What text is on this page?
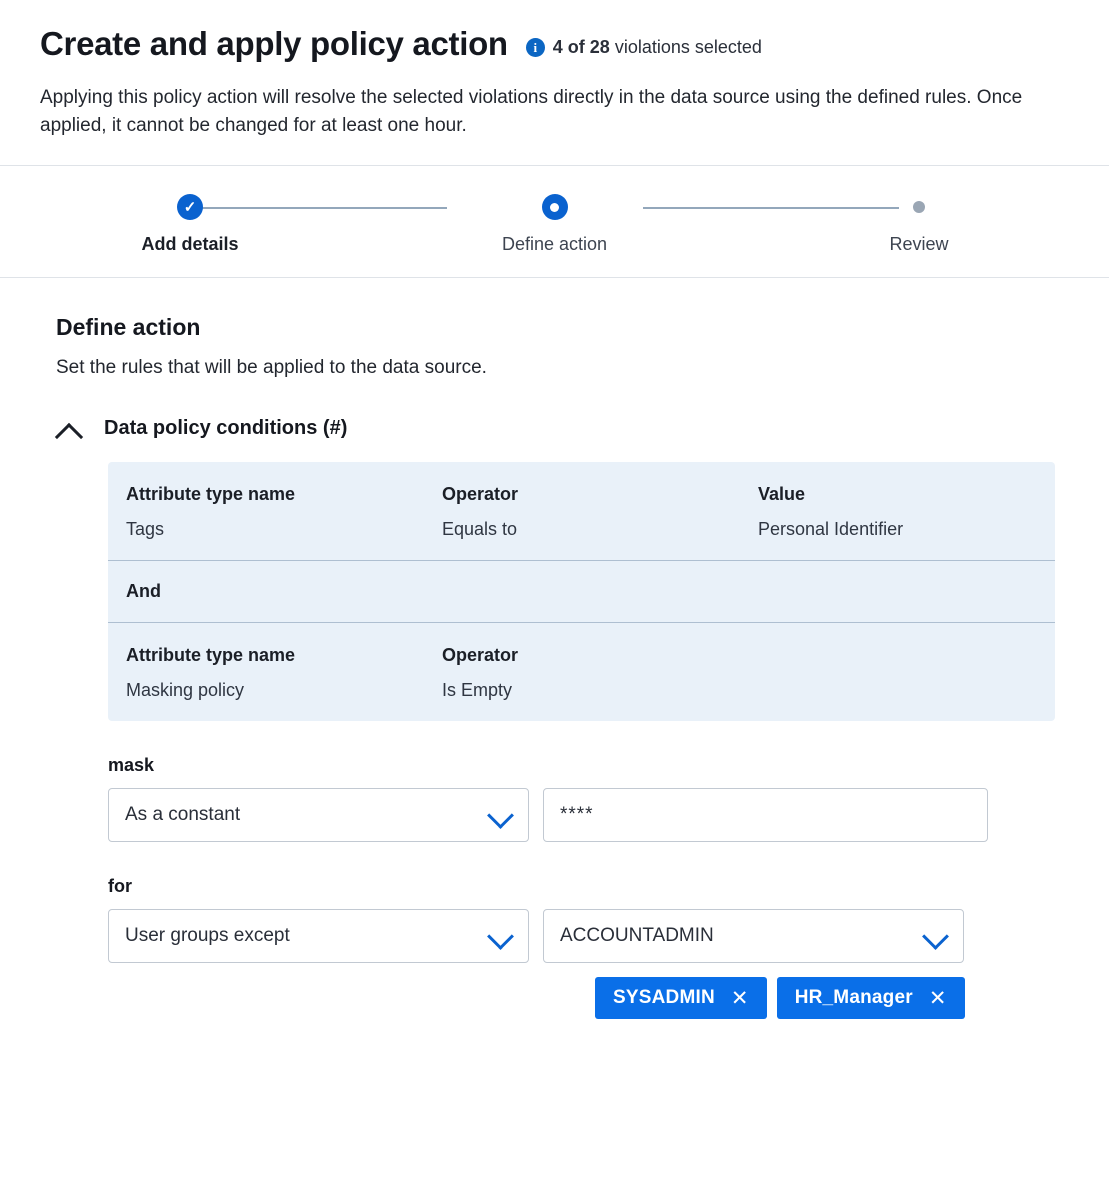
Create and apply policy action	i 4 of 28 violations selected

Applying this policy action will resolve the selected violations directly in the data source using the defined rules. Once applied, it cannot be changed for at least one hour.

✓
Add details	Define action	Review
Define action

Set the rules that will be applied to the data source.

Data policy conditions (#)
Attribute type name	Operator	Value
Tags	Equals to	Personal Identifier
And
Attribute type name	Operator
Masking policy	Is Empty
mask
As a constant	****
for
User groups except	ACCOUNTADMIN
SYSADMIN ✕ HR_Manager ✕
